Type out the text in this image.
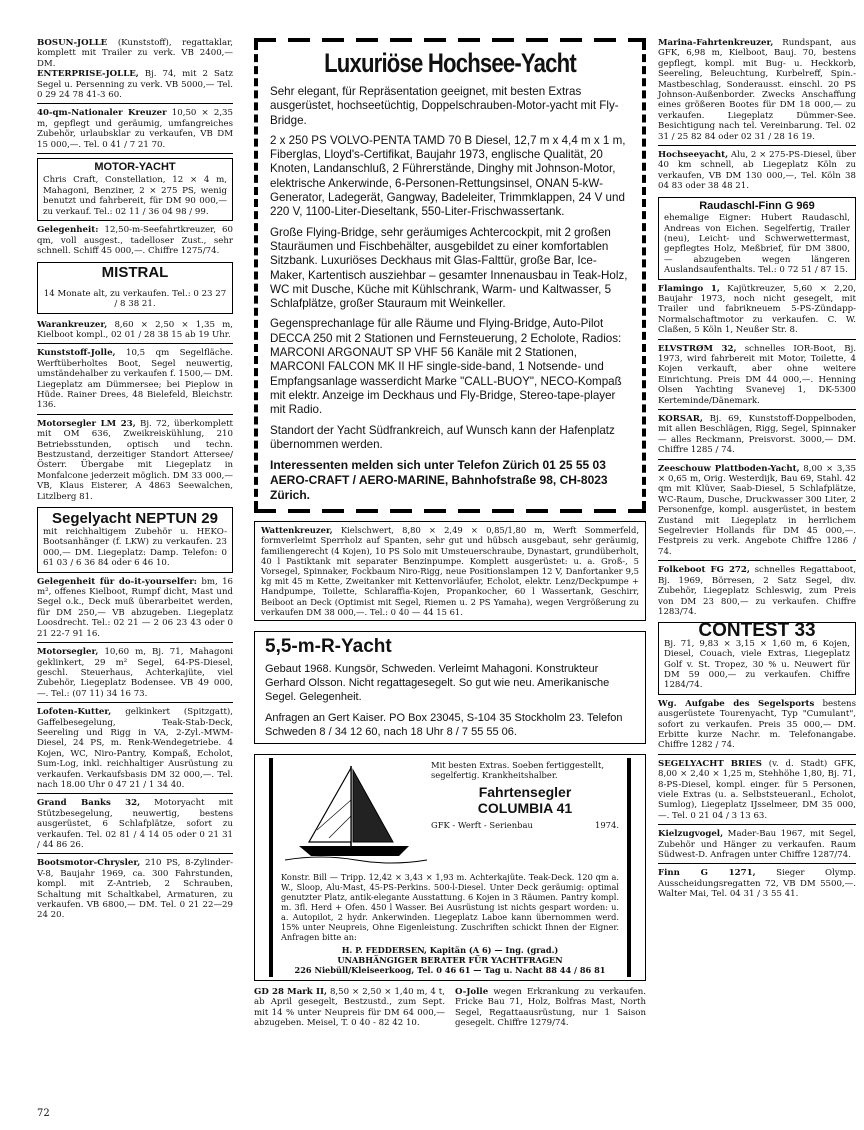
BOSUN-JOLLE (Kunststoff), regattaklar, komplett mit Trailer zu verk. VB 2400,— DM.

ENTERPRISE-JOLLE, Bj. 74, mit 2 Satz Segel u. Persenning zu verk. VB 5000,— Tel. 0 29 24 78 41-3 60.

40-qm-Nationaler Kreuzer 10,50 × 2,35 m, gepflegt und geräumig, umfangreiches Zubehör, urlaubsklar zu verkaufen, VB DM 15 000,—. Tel. 0 41 / 7 21 70.

MOTOR-YACHT

Chris Craft, Constellation, 12 × 4 m, Mahagoni, Benziner, 2 × 275 PS, wenig benutzt und fahrbereit, für DM 90 000,— zu verkauf. Tel.: 02 11 / 36 04 98 / 99.

Gelegenheit: 12,50-m-Seefahrtkreuzer, 60 qm, voll ausgest., tadelloser Zust., sehr schnell. Schiff 45 000,—. Chiffre 1275/74.

MISTRAL

14 Monate alt, zu verkaufen. Tel.: 0 23 27 / 8 38 21.

Warankreuzer, 8,60 × 2,50 × 1,35 m, Kielboot kompl., 02 01 / 28 38 15 ab 19 Uhr.

Kunststoff-Jolle, 10,5 qm Segelfläche. Werftüberholtes Boot, Segel neuwertig, umständehalber zu verkaufen f. 1500,— DM. Liegeplatz am Dümmersee; bei Pieplow in Hüde. Rainer Drees, 48 Bielefeld, Bleichstr. 136.

Motorsegler LM 23, Bj. 72, überkomplett mit OM 636, Zweikreiskühlung, 210 Betriebsstunden, optisch und techn. Bestzustand, derzeitiger Standort Attersee/Österr. Übergabe mit Liegeplatz in Monfalcone jederzeit möglich. DM 33 000,— VB, Klaus Eisterer, A 4863 Seewalchen, Litzlberg 81.

Segelyacht NEPTUN 29

mit reichhaltigem Zubehör u. HEKO-Bootsanhänger (f. LKW) zu verkaufen. 23 000,— DM. Liegeplatz: Damp. Telefon: 0 61 03 / 6 36 84 oder 6 46 10.

Gelegenheit für do-it-yourselfer: bm, 16 m², offenes Kielboot, Rumpf dicht, Mast und Segel o.k., Deck muß überarbeitet werden, für DM 250,— VB abzugeben. Liegeplatz Loosdrecht. Tel.: 02 21 — 2 06 23 43 oder 0 21 22-7 91 16.

Motorsegler, 10,60 m, Bj. 71, Mahagoni geklinkert, 29 m² Segel, 64-PS-Diesel, geschl. Steuerhaus, Achterkajüte, viel Zubehör, Liegeplatz Bodensee. VB 49 000,—. Tel.: (07 11) 34 16 73.

Lofoten-Kutter, gelkinkert (Spitzgatt), Gaffelbesegelung, Teak-Stab-Deck, Seereling und Rigg in VA, 2-Zyl.-MWM-Diesel, 24 PS, m. Renk-Wendegetriebe. 4 Kojen, WC, Niro-Pantry, Kompaß, Echolot, Sum-Log, inkl. reichhaltiger Ausrüstung zu verkaufen. Verkaufsbasis DM 32 000,—. Tel. nach 18.00 Uhr 0 47 21 / 1 34 40.

Grand Banks 32, Motoryacht mit Stützbesegelung, neuwertig, bestens ausgerüstet, 6 Schlafplätze, sofort zu verkaufen. Tel. 02 81 / 4 14 05 oder 0 21 31 / 44 86 26.

Bootsmotor-Chrysler, 210 PS, 8-Zylinder-V-8, Baujahr 1969, ca. 300 Fahrstunden, kompl. mit Z-Antrieb, 2 Schrauben, Schaltung mit Schaltkabel, Armaturen, zu verkaufen. VB 6800,— DM. Tel. 0 21 22—29 24 20.

Luxuriöse Hochsee-Yacht

Sehr elegant, für Repräsentation geeignet, mit besten Extras ausgerüstet, hochseetüchtig, Doppelschrauben-Motor-yacht mit Fly-Bridge.

2 x 250 PS VOLVO-PENTA TAMD 70 B Diesel, 12,7 m x 4,4 m x 1 m, Fiberglas, Lloyd's-Certifikat, Baujahr 1973, englische Qualität, 20 Knoten, Landanschluß, 2 Führerstände, Dinghy mit Johnson-Motor, elektrische Ankerwinde, 6-Personen-Rettungsinsel, ONAN 5-kW-Generator, Ladegerät, Gangway, Badeleiter, Trimmklappen, 24 V und 220 V, 1100-Liter-Dieseltank, 550-Liter-Frischwassertank.

Große Flying-Bridge, sehr geräumiges Achtercockpit, mit 2 großen Stauräumen und Fischbehälter, ausgebildet zu einer komfortablen Sitzbank. Luxuriöses Deckhaus mit Glas-Falttür, große Bar, Ice-Maker, Kartentisch ausziehbar – gesamter Innenausbau in Teak-Holz, WC mit Dusche, Küche mit Kühlschrank, Warm- und Kaltwasser, 5 Schlafplätze, großer Stauraum mit Weinkeller.

Gegensprechanlage für alle Räume und Flying-Bridge, Auto-Pilot DECCA 250 mit 2 Stationen und Fernsteuerung, 2 Echolote, Radios: MARCONI ARGONAUT SP VHF 56 Kanäle mit 2 Stationen, MARCONI FALCON MK II HF single-side-band, 1 Notsende- und Empfangsanlage wasserdicht Marke "CALL-BUOY", NECO-Kompaß mit elektr. Anzeige im Deckhaus und Fly-Bridge, Stereo-tape-player mit Radio.

Standort der Yacht Südfrankreich, auf Wunsch kann der Hafenplatz übernommen werden.

Interessenten melden sich unter Telefon Zürich 01 25 55 03 AERO-CRAFT / AERO-MARINE, Bahnhofstraße 98, CH-8023 Zürich.

Wattenkreuzer, Kielschwert, 8,80 × 2,49 × 0,85/1,80 m, Werft Sommerfeld, formverleimt Sperrholz auf Spanten, sehr gut und hübsch ausgebaut, sehr geräumig, familiengerecht (4 Kojen), 10 PS Solo mit Umsteuerschraube, Dynastart, grundüberholt, 40 l Pastiktank mit separater Benzinpumpe. Komplett ausgerüstet: u. a. Groß-, 5 Vorsegel, Spinnaker, Fockbaum Niro-Rigg, neue Positionslampen 12 V, Danfortanker 9,5 kg mit 45 m Kette, Zweitanker mit Kettenvorläufer, Echolot, elektr. Lenz/Deckpumpe + Handpumpe, Toilette, Schlaraffia-Kojen, Propankocher, 60 l Wassertank, Geschirr, Beiboot an Deck (Optimist mit Segel, Riemen u. 2 PS Yamaha), wegen Vergrößerung zu verkaufen DM 38 000,—. Tel.: 0 40 — 44 15 61.
5,5-m-R-Yacht

Gebaut 1968. Kungsör, Schweden. Verleimt Mahagoni. Konstrukteur Gerhard Olsson. Nicht regattagesegelt. So gut wie neu. Amerikanische Segel. Gelegenheit.

Anfragen an Gert Kaiser. PO Box 23045, S-104 35 Stockholm 23. Telefon Schweden 8 / 34 12 60, nach 18 Uhr 8 / 7 55 55 06.

Mit besten Extras. Soeben fertiggestellt, segelfertig. Krankheitshalber.

Fahrtensegler
COLUMBIA 41
GFK - Werft - Serienbau	1974.

Konstr. Bill — Tripp. 12,42 × 3,43 × 1,93 m. Achterkajüte. Teak-Deck. 120 qm a. W., Sloop, Alu-Mast, 45-PS-Perkins. 500-l-Diesel. Unter Deck geräumig: optimal genutzter Platz, antik-elegante Ausstattung. 6 Kojen in 3 Räumen. Pantry kompl. m. 3fl. Herd + Ofen. 450 l Wasser. Bei Ausrüstung ist nichts gespart worden: u. a. Autopilot, 2 hydr. Ankerwinden. Liegeplatz Laboe kann übernommen werd. 15% unter Neupreis, Ohne Eigenleistung. Zuschriften schickt Ihnen der Eigner. Anfragen bitte an:

H. P. FEDDERSEN, Kapitän (A 6) — Ing. (grad.)
UNABHÄNGIGER BERATER FÜR YACHTFRAGEN
226 Niebüll/Kleiseerkoog, Tel. 0 46 61 — Tag u. Nacht 88 44 / 86 81

GD 28 Mark II, 8,50 × 2,50 × 1,40 m, 4 t, ab April gesegelt, Bestzustd., zum Sept. mit 14 % unter Neupreis für DM 64 000,— abzugeben. Meisel, T. 0 40 - 82 42 10.

O-Jolle wegen Erkrankung zu verkaufen. Fricke Bau 71, Holz, Bolfras Mast, North Segel, Regattaausrüstung, nur 1 Saison gesegelt. Chiffre 1279/74.

Marina-Fahrtenkreuzer, Rundspant, aus GFK, 6,98 m, Kielboot, Bauj. 70, bestens gepflegt, kompl. mit Bug- u. Heckkorb, Seereling, Beleuchtung, Kurbelreff, Spin.-Mastbeschlag, Sonderausst. einschl. 20 PS Johnson-Außenborder. Zwecks Anschaffung eines größeren Bootes für DM 18 000,— zu verkaufen. Liegeplatz Dümmer-See. Besichtigung nach tel. Vereinbarung. Tel. 02 31 / 25 82 84 oder 02 31 / 28 16 19.

Hochseeyacht, Alu, 2 × 275-PS-Diesel, über 40 km schnell, ab Liegeplatz Köln zu verkaufen, VB DM 130 000,—, Tel. Köln 38 04 83 oder 38 48 21.

Raudaschl-Finn G 969

ehemalige Eigner: Hubert Raudaschl, Andreas von Eichen. Segelfertig, Trailer (neu), Leicht- und Schwerwettermast, gepflegtes Holz, Meßbrief, für DM 3800,— abzugeben wegen längeren Auslandsaufenthalts. Tel.: 0 72 51 / 87 15.

Flamingo 1, Kajütkreuzer, 5,60 × 2,20, Baujahr 1973, noch nicht gesegelt, mit Trailer und fabrikneuem 5-PS-Zündapp-Normalschaftmotor zu verkaufen. C. W. Claßen, 5 Köln 1, Neußer Str. 8.

ELVSTRØM 32, schnelles IOR-Boot, Bj. 1973, wird fahrbereit mit Motor, Toilette, 4 Kojen verkauft, aber ohne weitere Einrichtung. Preis DM 44 000,—. Henning Olsen Yachting Svanevej 1, DK-5300 Kerteminde/Dänemark.

KORSAR, Bj. 69, Kunststoff-Doppelboden, mit allen Beschlägen, Rigg, Segel, Spinnaker — alles Reckmann, Preisvorst. 3000,— DM. Chiffre 1285 / 74.

Zeeschouw Plattboden-Yacht, 8,00 × 3,35 × 0,65 m, Orig. Westerdijk, Bau 69, Stahl. 42 qm mit Klüver, Saab-Diesel, 5 Schlafplätze, WC-Raum, Dusche, Druckwasser 300 Liter, 2 Personenfge, kompl. ausgerüstet, in bestem Zustand mit Liegeplatz in herrlichem Segelrevier Hollands für DM 45 000,—. Festpreis zu verk. Angebote Chiffre 1286 / 74.

Folkeboot FG 272, schnelles Regattaboot, Bj. 1969, Börresen, 2 Satz Segel, div. Zubehör, Liegeplatz Schleswig, zum Preis von DM 23 800,— zu verkaufen. Chiffre 1283/74.

CONTEST 33

Bj. 71, 9,83 × 3,15 × 1,60 m, 6 Kojen, Diesel, Couach, viele Extras, Liegeplatz Golf v. St. Tropez, 30 % u. Neuwert für DM 59 000,— zu verkaufen. Chiffre 1284/74.

Wg. Aufgabe des Segelsports bestens ausgerüstete Tourenyacht, Typ "Cumulant", sofort zu verkaufen. Preis 35 000,— DM. Erbitte kurze Nachr. m. Telefonangabe. Chiffre 1282 / 74.

SEGELYACHT BRIES (v. d. Stadt) GFK, 8,00 × 2,40 × 1,25 m, Stehhöhe 1,80, Bj. 71, 8-PS-Diesel, kompl. einger. für 5 Personen, viele Extras (u. a. Selbststeueranl., Echolot, Sumlog), Liegeplatz IJsselmeer, DM 35 000,—. Tel. 0 21 04 / 3 13 63.

Kielzugvogel, Mader-Bau 1967, mit Segel, Zubehör und Hänger zu verkaufen. Raum Südwest-D. Anfragen unter Chiffre 1287/74.

Finn G 1271, Sieger Olymp. Ausscheidungsregatten 72, VB DM 5500,—. Walter Mai, Tel. 04 31 / 3 55 41.

72
